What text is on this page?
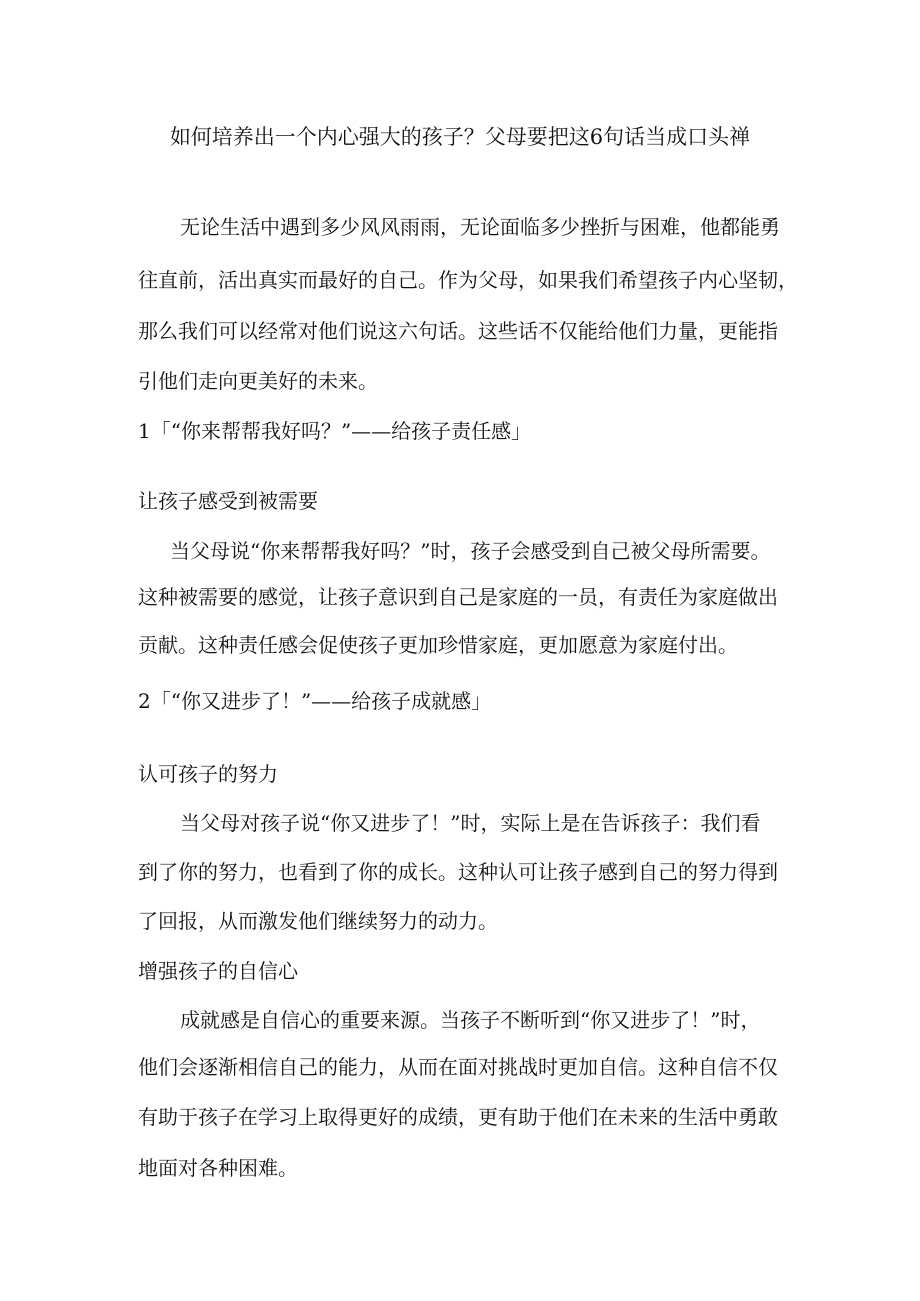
如何培养出一个内心强大的孩子？父母要把这6句话当成口头禅
无论生活中遇到多少风风雨雨，无论面临多少挫折与困难，他都能勇
往直前，活出真实而最好的自己。作为父母，如果我们希望孩子内心坚韧，
那么我们可以经常对他们说这六句话。这些话不仅能给他们力量，更能指
引他们走向更美好的未来。
1「“你来帮帮我好吗？”——给孩子责任感」
让孩子感受到被需要
当父母说“你来帮帮我好吗？”时，孩子会感受到自己被父母所需要。
这种被需要的感觉，让孩子意识到自己是家庭的一员，有责任为家庭做出
贡献。这种责任感会促使孩子更加珍惜家庭，更加愿意为家庭付出。
2「“你又进步了！”——给孩子成就感」
认可孩子的努力
当父母对孩子说“你又进步了！”时，实际上是在告诉孩子：我们看
到了你的努力，也看到了你的成长。这种认可让孩子感到自己的努力得到
了回报，从而激发他们继续努力的动力。
增强孩子的自信心
成就感是自信心的重要来源。当孩子不断听到“你又进步了！”时，
他们会逐渐相信自己的能力，从而在面对挑战时更加自信。这种自信不仅
有助于孩子在学习上取得更好的成绩，更有助于他们在未来的生活中勇敢
地面对各种困难。
